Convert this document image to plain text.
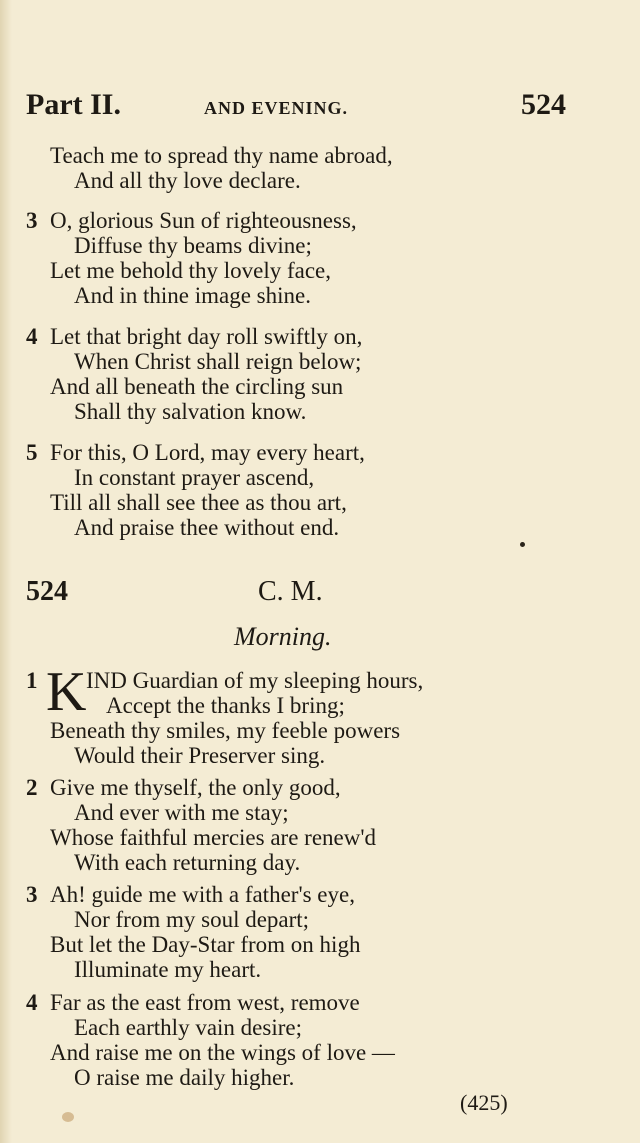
Part II.	AND EVENING.	524
Teach me to spread thy name abroad,
And all thy love declare.
3 O, glorious Sun of righteousness,
Diffuse thy beams divine;
Let me behold thy lovely face,
And in thine image shine.
4 Let that bright day roll swiftly on,
When Christ shall reign below;
And all beneath the circling sun
Shall thy salvation know.
5 For this, O Lord, may every heart,
In constant prayer ascend,
Till all shall see thee as thou art,
And praise thee without end.
524	C. M.
Morning.
1 K IND Guardian of my sleeping hours,
Accept the thanks I bring;
Beneath thy smiles, my feeble powers
Would their Preserver sing.
2 Give me thyself, the only good,
And ever with me stay;
Whose faithful mercies are renew'd
With each returning day.
3 Ah! guide me with a father's eye,
Nor from my soul depart;
But let the Day-Star from on high
Illuminate my heart.
4 Far as the east from west, remove
Each earthly vain desire;
And raise me on the wings of love —
O raise me daily higher.
(425)
